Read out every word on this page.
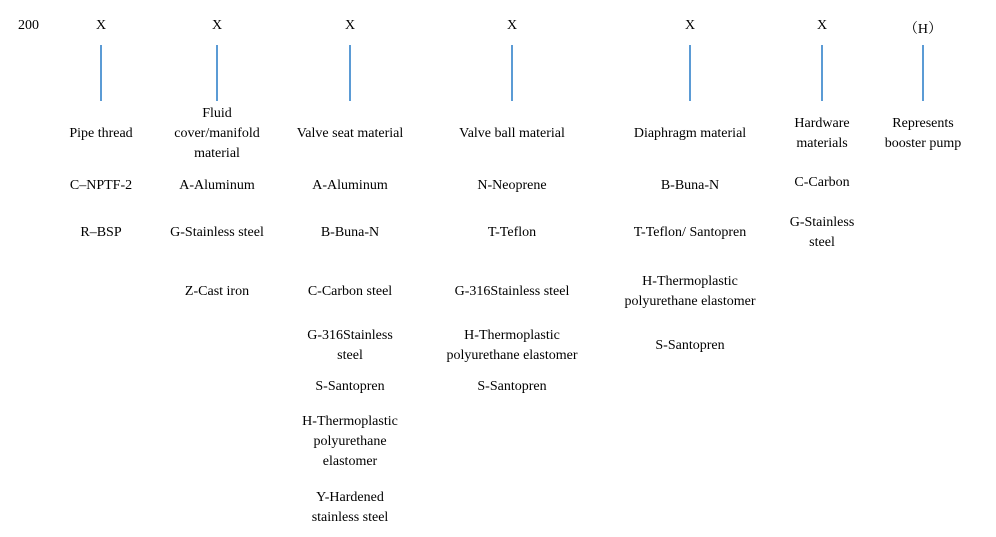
200	X
Pipe thread
C–NPTF-2
R–BSP
X
Fluid
cover/manifold
material
A-Aluminum
G-Stainless steel
Z-Cast iron
X
Valve seat material
A-Aluminum
B-Buna-N
C-Carbon steel
G-316Stainless
steel
S-Santopren
H-Thermoplastic
polyurethane
elastomer
Y-Hardened
stainless steel
X
Valve ball material
N-Neoprene
T-Teflon
G-316Stainless steel
H-Thermoplastic
polyurethane elastomer
S-Santopren
X
Diaphragm material
B-Buna-N
T-Teflon/ Santopren
H-Thermoplastic
polyurethane elastomer
S-Santopren
X
Hardware
materials
C-Carbon
G-Stainless
steel
（H）
Represents
booster pump
